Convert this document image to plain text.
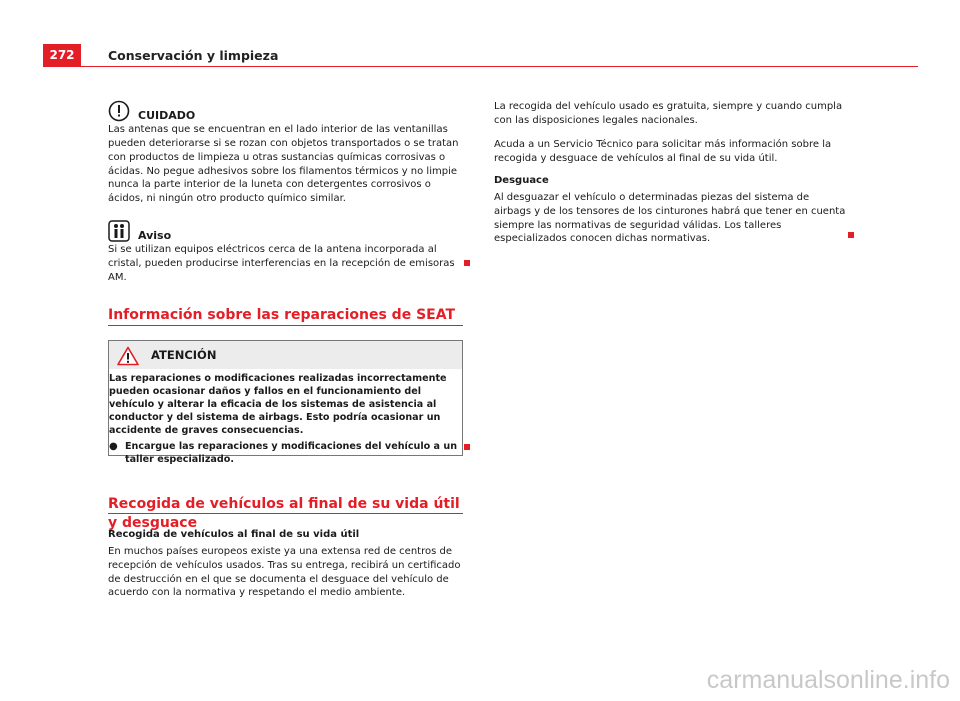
272	Conservación y limpieza
CUIDADO

Las antenas que se encuentran en el lado interior de las ventanillas pueden deteriorarse si se rozan con objetos transportados o se tratan con productos de limpieza u otras sustancias químicas corrosivas o ácidas. No pegue adhesivos sobre los filamentos térmicos y no limpie nunca la parte interior de la luneta con detergentes corrosivos o ácidos, ni ningún otro producto químico similar.

Aviso

Si se utilizan equipos eléctricos cerca de la antena incorporada al cristal, pueden producirse interferencias en la recepción de emisoras AM.

Información sobre las reparaciones de SEAT
ATENCIÓN

Las reparaciones o modificaciones realizadas incorrectamente pueden ocasionar daños y fallos en el funcionamiento del vehículo y alterar la eficacia de los sistemas de asistencia al conductor y del sistema de airbags. Esto podría ocasionar un accidente de graves consecuencias.

● Encargue las reparaciones y modificaciones del vehículo a un taller especializado.
Recogida de vehículos al final de su vida útil y desguace
Recogida de vehículos al final de su vida útil

En muchos países europeos existe ya una extensa red de centros de recepción de vehículos usados. Tras su entrega, recibirá un certificado de destrucción en el que se documenta el desguace del vehículo de acuerdo con la normativa y respetando el medio ambiente.

La recogida del vehículo usado es gratuita, siempre y cuando cumpla con las disposiciones legales nacionales.

Acuda a un Servicio Técnico para solicitar más información sobre la recogida y desguace de vehículos al final de su vida útil.

Desguace

Al desguazar el vehículo o determinadas piezas del sistema de airbags y de los tensores de los cinturones habrá que tener en cuenta siempre las normativas de seguridad válidas. Los talleres especializados conocen dichas normativas.

carmanualsonline.info
